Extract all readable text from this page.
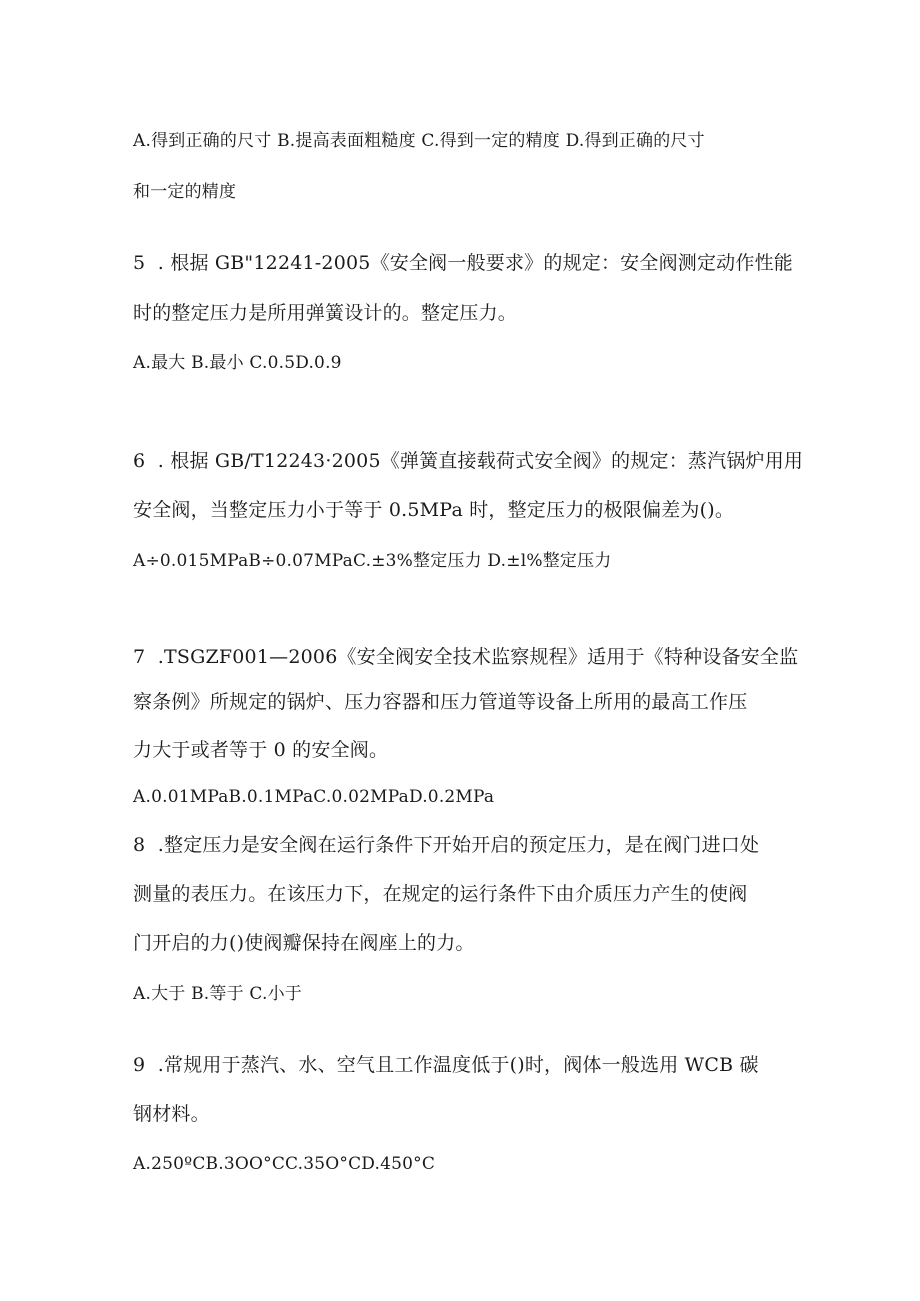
A.得到正确的尺寸 B.提高表面粗糙度 C.得到一定的精度 D.得到正确的尺寸
和一定的精度
5  . 根据 GB"12241-2005《安全阀一般要求》的规定：安全阀测定动作性能
时的整定压力是所用弹簧设计的。整定压力。
A.最大 B.最小 C.0.5D.0.9
6  . 根据 GB/T12243·2005《弹簧直接载荷式安全阀》的规定：蒸汽锅炉用用
安全阀，当整定压力小于等于 0.5MPa 时，整定压力的极限偏差为()。
A÷0.015MPaB÷0.07MPaC.±3%整定压力 D.±l%整定压力
7  .TSGZF001—2006《安全阀安全技术监察规程》适用于《特种设备安全监
察条例》所规定的锅炉、压力容器和压力管道等设备上所用的最高工作压
力大于或者等于 0 的安全阀。
A.0.01MPaB.0.1MPaC.0.02MPaD.0.2MPa
8  .整定压力是安全阀在运行条件下开始开启的预定压力，是在阀门进口处
测量的表压力。在该压力下，在规定的运行条件下由介质压力产生的使阀
门开启的力()使阀瓣保持在阀座上的力。
A.大于 B.等于 C.小于
9  .常规用于蒸汽、水、空气且工作温度低于()时，阀体一般选用 WCB 碳
钢材料。
A.250ºCB.3OO°CC.35O°CD.450°C
